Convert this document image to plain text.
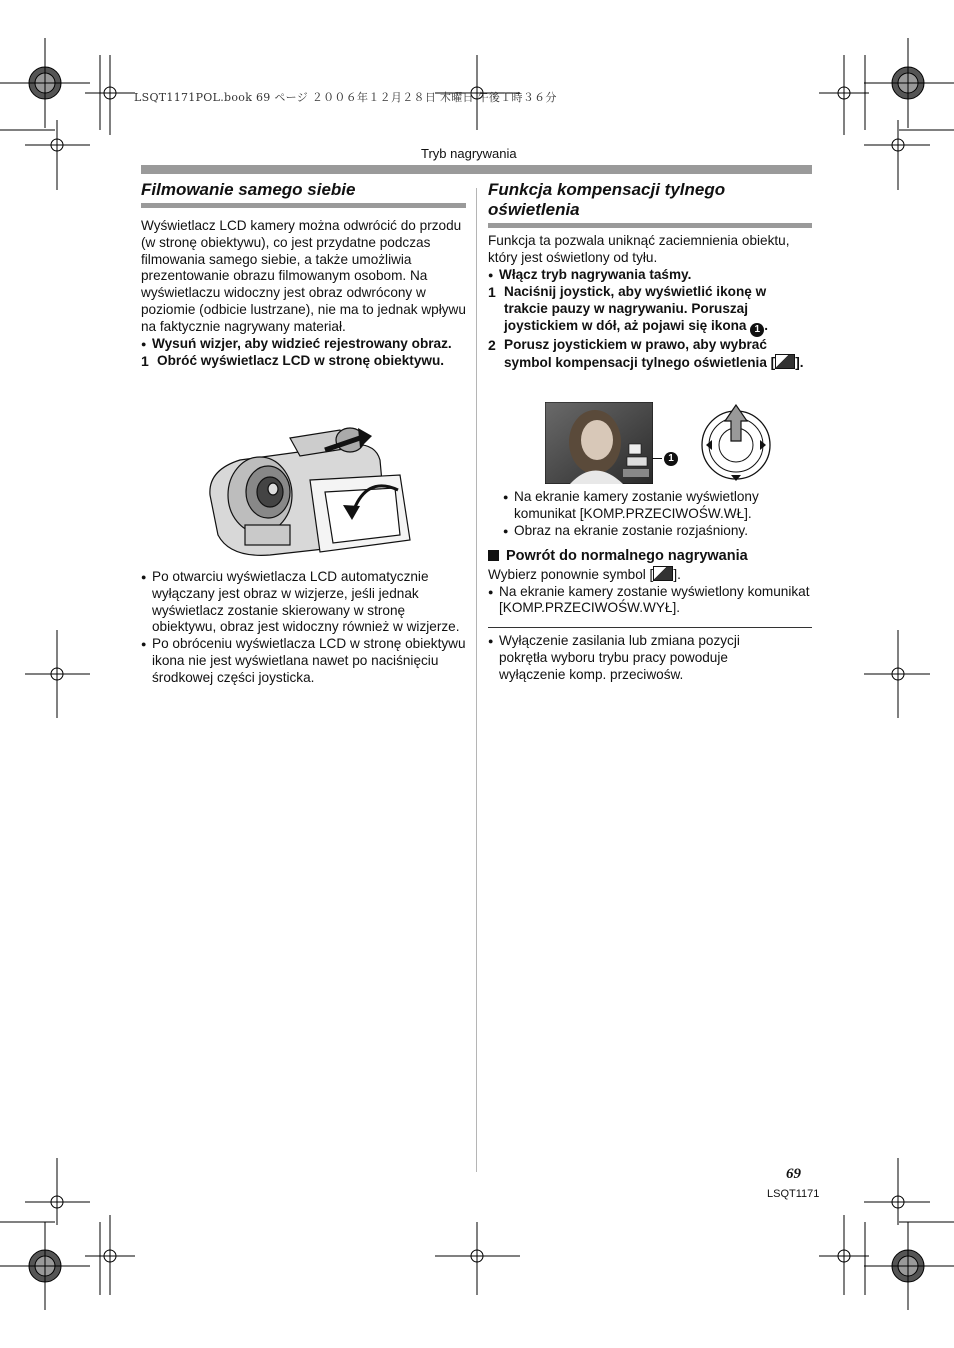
LSQT1171POL.book 69 ページ ２００６年１２月２８日 木曜日 午後１時３６分
Tryb nagrywania
Filmowanie samego siebie
Wyświetlacz LCD kamery można odwrócić do przodu (w stronę obiektywu), co jest przydatne podczas filmowania samego siebie, a także umożliwia prezentowanie obrazu filmowanym osobom. Na wyświetlaczu widoczny jest obraz odwrócony w poziomie (odbicie lustrzane), nie ma to jednak wpływu na faktycznie nagrywany materiał.
● Wysuń wizjer, aby widzieć rejestrowany obraz.
1 Obróć wyświetlacz LCD w stronę obiektywu.
● Po otwarciu wyświetlacza LCD automatycznie wyłączany jest obraz w wizjerze, jeśli jednak wyświetlacz zostanie skierowany w stronę obiektywu, obraz jest widoczny również w wizjerze.
● Po obróceniu wyświetlacza LCD w stronę obiektywu ikona nie jest wyświetlana nawet po naciśnięciu środkowej części joysticka.
Funkcja kompensacji tylnego oświetlenia
Funkcja ta pozwala uniknąć zaciemnienia obiektu, który jest oświetlony od tyłu.
● Włącz tryb nagrywania taśmy.
1 Naciśnij joystick, aby wyświetlić ikonę w trakcie pauzy w nagrywaniu. Poruszaj joystickiem w dół, aż pojawi się ikona 1 .
2 Porusz joystickiem w prawo, aby wybrać symbol kompensacji tylnego oświetlenia [ ].
1
● Na ekranie kamery zostanie wyświetlony komunikat [KOMP.PRZECIWOŚW.WŁ].
● Obraz na ekranie zostanie rozjaśniony.
Powrót do normalnego nagrywania
Wybierz ponownie symbol [ ].
● Na ekranie kamery zostanie wyświetlony komunikat [KOMP.PRZECIWOŚW.WYŁ].
● Wyłączenie zasilania lub zmiana pozycji pokrętła wyboru trybu pracy powoduje wyłączenie komp. przeciwośw.
69
LSQT1171
